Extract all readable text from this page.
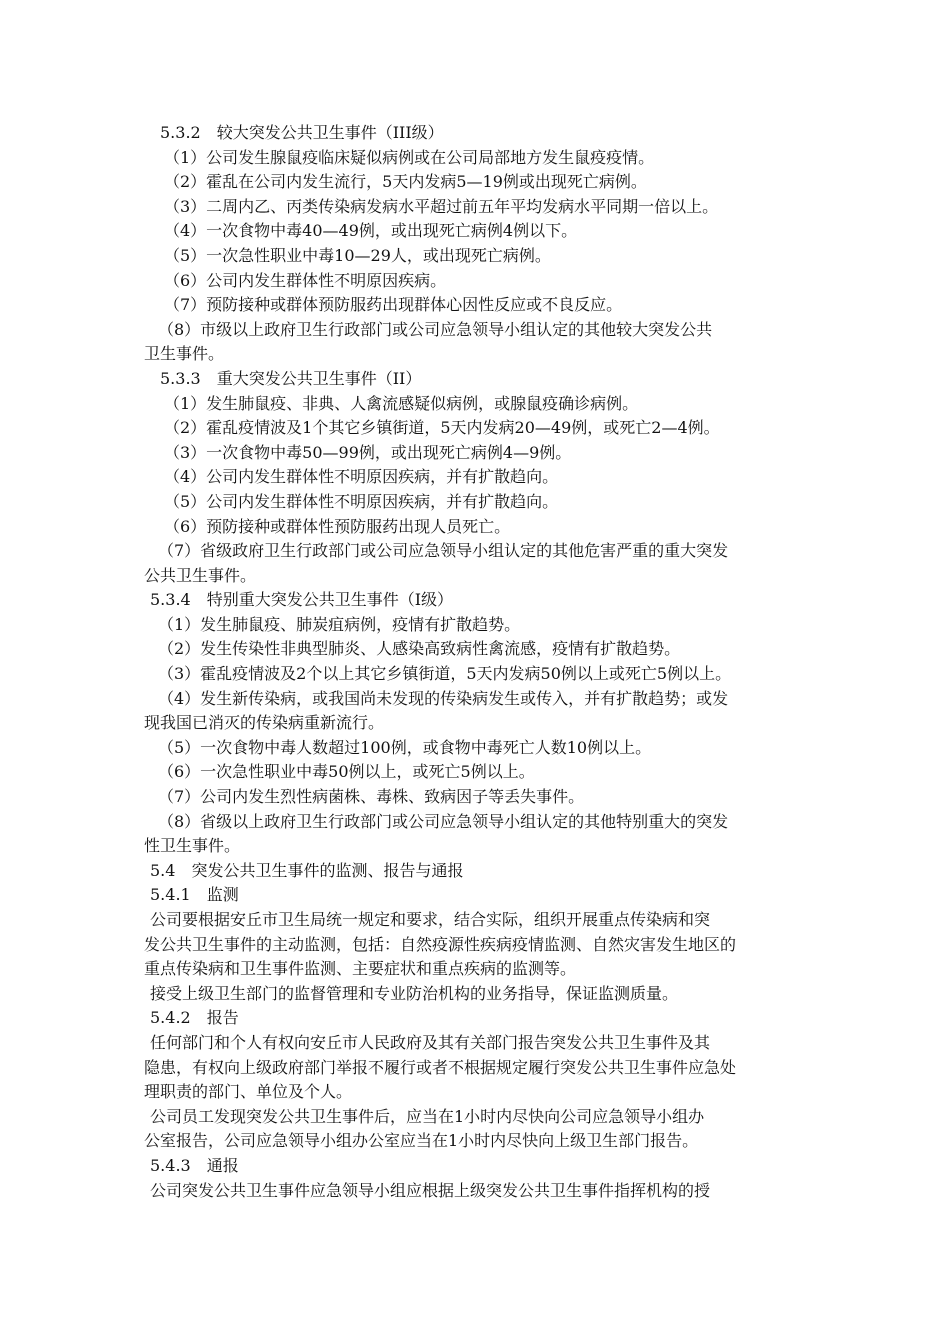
5.3.2　较大突发公共卫生事件（III级）

（1）公司发生腺鼠疫临床疑似病例或在公司局部地方发生鼠疫疫情。

（2）霍乱在公司内发生流行，5天内发病5—19例或出现死亡病例。

（3）二周内乙、丙类传染病发病水平超过前五年平均发病水平同期一倍以上。

（4）一次食物中毒40—49例，或出现死亡病例4例以下。

（5）一次急性职业中毒10—29人，或出现死亡病例。

（6）公司内发生群体性不明原因疾病。

（7）预防接种或群体预防服药出现群体心因性反应或不良反应。

（8）市级以上政府卫生行政部门或公司应急领导小组认定的其他较大突发公共

卫生事件。

5.3.3　重大突发公共卫生事件（II）

（1）发生肺鼠疫、非典、人禽流感疑似病例，或腺鼠疫确诊病例。

（2）霍乱疫情波及1个其它乡镇街道，5天内发病20—49例，或死亡2—4例。

（3）一次食物中毒50—99例，或出现死亡病例4—9例。

（4）公司内发生群体性不明原因疾病，并有扩散趋向。

（5）公司内发生群体性不明原因疾病，并有扩散趋向。

（6）预防接种或群体性预防服药出现人员死亡。

（7）省级政府卫生行政部门或公司应急领导小组认定的其他危害严重的重大突发

公共卫生事件。

5.3.4　特别重大突发公共卫生事件（I级）

（1）发生肺鼠疫、肺炭疽病例，疫情有扩散趋势。

（2）发生传染性非典型肺炎、人感染高致病性禽流感，疫情有扩散趋势。

（3）霍乱疫情波及2个以上其它乡镇街道，5天内发病50例以上或死亡5例以上。

（4）发生新传染病，或我国尚未发现的传染病发生或传入，并有扩散趋势；或发

现我国已消灭的传染病重新流行。

（5）一次食物中毒人数超过100例，或食物中毒死亡人数10例以上。

（6）一次急性职业中毒50例以上，或死亡5例以上。

（7）公司内发生烈性病菌株、毒株、致病因子等丢失事件。

（8）省级以上政府卫生行政部门或公司应急领导小组认定的其他特别重大的突发

性卫生事件。

5.4　突发公共卫生事件的监测、报告与通报

5.4.1　监测

公司要根据安丘市卫生局统一规定和要求，结合实际，组织开展重点传染病和突

发公共卫生事件的主动监测，包括：自然疫源性疾病疫情监测、自然灾害发生地区的

重点传染病和卫生事件监测、主要症状和重点疾病的监测等。

接受上级卫生部门的监督管理和专业防治机构的业务指导，保证监测质量。

5.4.2　报告

任何部门和个人有权向安丘市人民政府及其有关部门报告突发公共卫生事件及其

隐患，有权向上级政府部门举报不履行或者不根据规定履行突发公共卫生事件应急处

理职责的部门、单位及个人。

公司员工发现突发公共卫生事件后，应当在1小时内尽快向公司应急领导小组办

公室报告，公司应急领导小组办公室应当在1小时内尽快向上级卫生部门报告。

5.4.3　通报

公司突发公共卫生事件应急领导小组应根据上级突发公共卫生事件指挥机构的授
